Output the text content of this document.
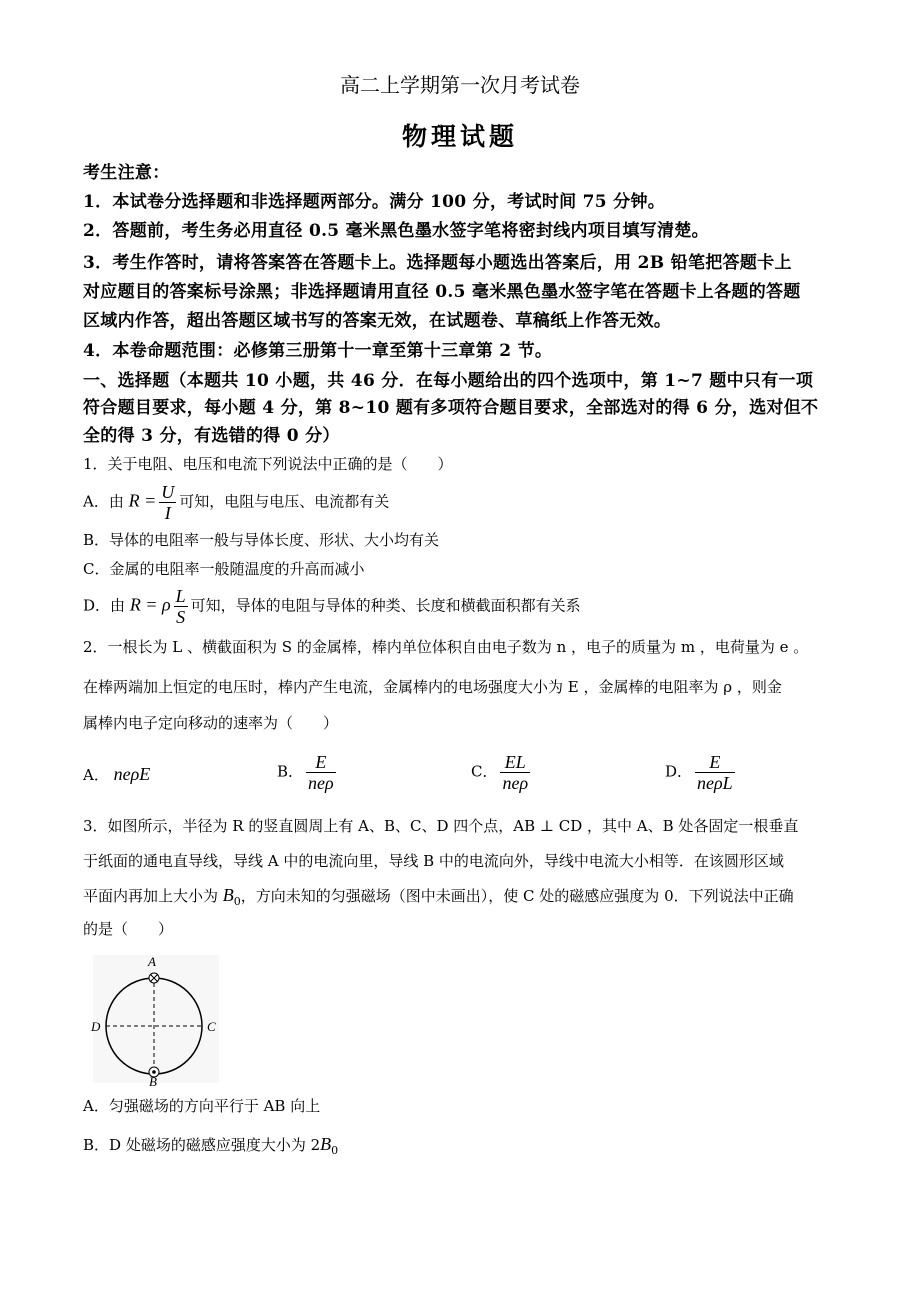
高二上学期第一次月考试卷
物理试题
考生注意：
1．本试卷分选择题和非选择题两部分。满分 100 分，考试时间 75 分钟。
2．答题前，考生务必用直径 0.5 毫米黑色墨水签字笔将密封线内项目填写清楚。
3．考生作答时，请将答案答在答题卡上。选择题每小题选出答案后，用 2B 铅笔把答题卡上
对应题目的答案标号涂黑；非选择题请用直径 0.5 毫米黑色墨水签字笔在答题卡上各题的答题
区域内作答，超出答题区域书写的答案无效，在试题卷、草稿纸上作答无效。
4．本卷命题范围：必修第三册第十一章至第十三章第 2 节。
一、选择题（本题共 10 小题，共 46 分．在每小题给出的四个选项中，第 1~7 题中只有一项
符合题目要求，每小题 4 分，第 8~10 题有多项符合题目要求，全部选对的得 6 分，选对但不
全的得 3 分，有选错的得 0 分）
1．关于电阻、电压和电流下列说法中正确的是（　　）
A．由 $R = \frac{U}{I}$ 可知，电阻与电压、电流都有关
B．导体的电阻率一般与导体长度、形状、大小均有关
C．金属的电阻率一般随温度的升高而减小
D．由 R = ρ $\frac{L}{S}$ 可知，导体的电阻与导体的种类、长度和横截面积都有关系
2．一根长为 L 、横截面积为 S 的金属棒，棒内单位体积自由电子数为 n ，电子的质量为 m ，电荷量为 e 。
在棒两端加上恒定的电压时，棒内产生电流，金属棒内的电场强度大小为 E ，金属棒的电阻率为 ρ ，则金
属棒内电子定向移动的速率为（　　）
A． neρE	B． $\frac{E}{\text{neρ}}$	C． $\frac{EL}{\text{neρ}}$	D． $\frac{E}{\text{neρL}}$
3．如图所示，半径为 R 的竖直圆周上有 A、B、C、D 四个点，AB ⊥ CD ，其中 A、B 处各固定一根垂直
于纸面的通电直导线，导线 A 中的电流向里，导线 B 中的电流向外，导线中电流大小相等．在该圆形区域
平面内再加上大小为 $B_0$，方向未知的匀强磁场（图中未画出），使 C 处的磁感应强度为 0．下列说法中正确
的是（　　）
A
B
C
D
A．匀强磁场的方向平行于 AB 向上
B．D 处磁场的磁感应强度大小为 $2B_0$
